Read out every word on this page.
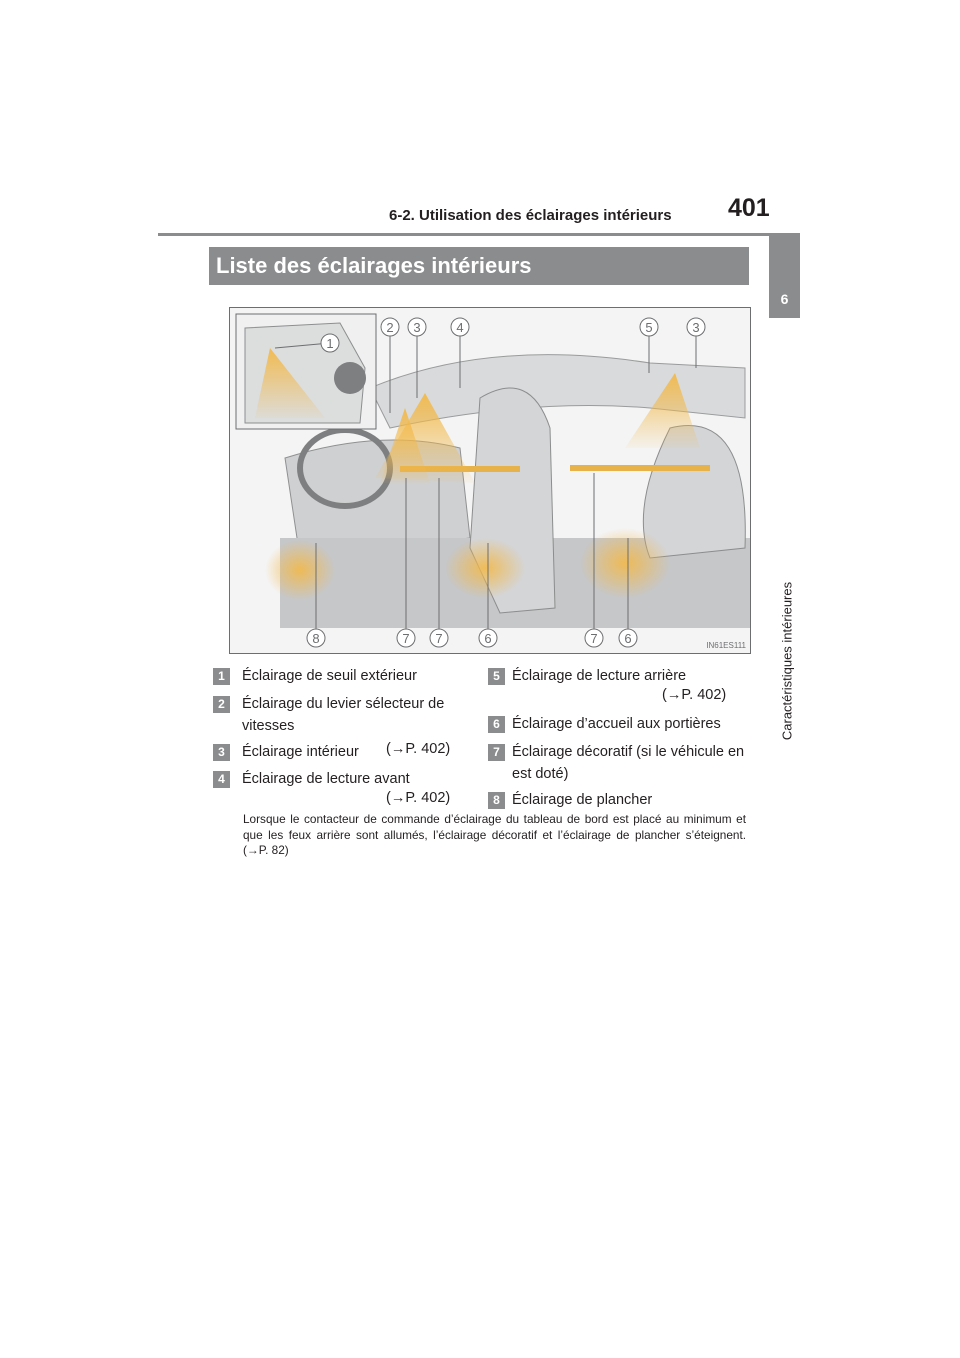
6-2. Utilisation des éclairages intérieurs 401
6
Caractéristiques intérieures
Liste des éclairages intérieurs
2 3	4	5	3
1
8	7 7	6	7 6	IN61ES111
1	Éclairage de seuil extérieur
2	Éclairage du levier sélecteur de vitesses
3	Éclairage intérieur	(→P. 402)
4	Éclairage de lecture avant
(→P. 402)
5 Éclairage de lecture arrière
(→P. 402)
6 Éclairage d’accueil aux portières
7 Éclairage décoratif (si le véhicule en est doté)
8 Éclairage de plancher
Lorsque le contacteur de commande d’éclairage du tableau de bord est placé au minimum et que les feux arrière sont allumés, l’éclairage décoratif et l’éclairage de plancher s’éteignent. (→P. 82)
